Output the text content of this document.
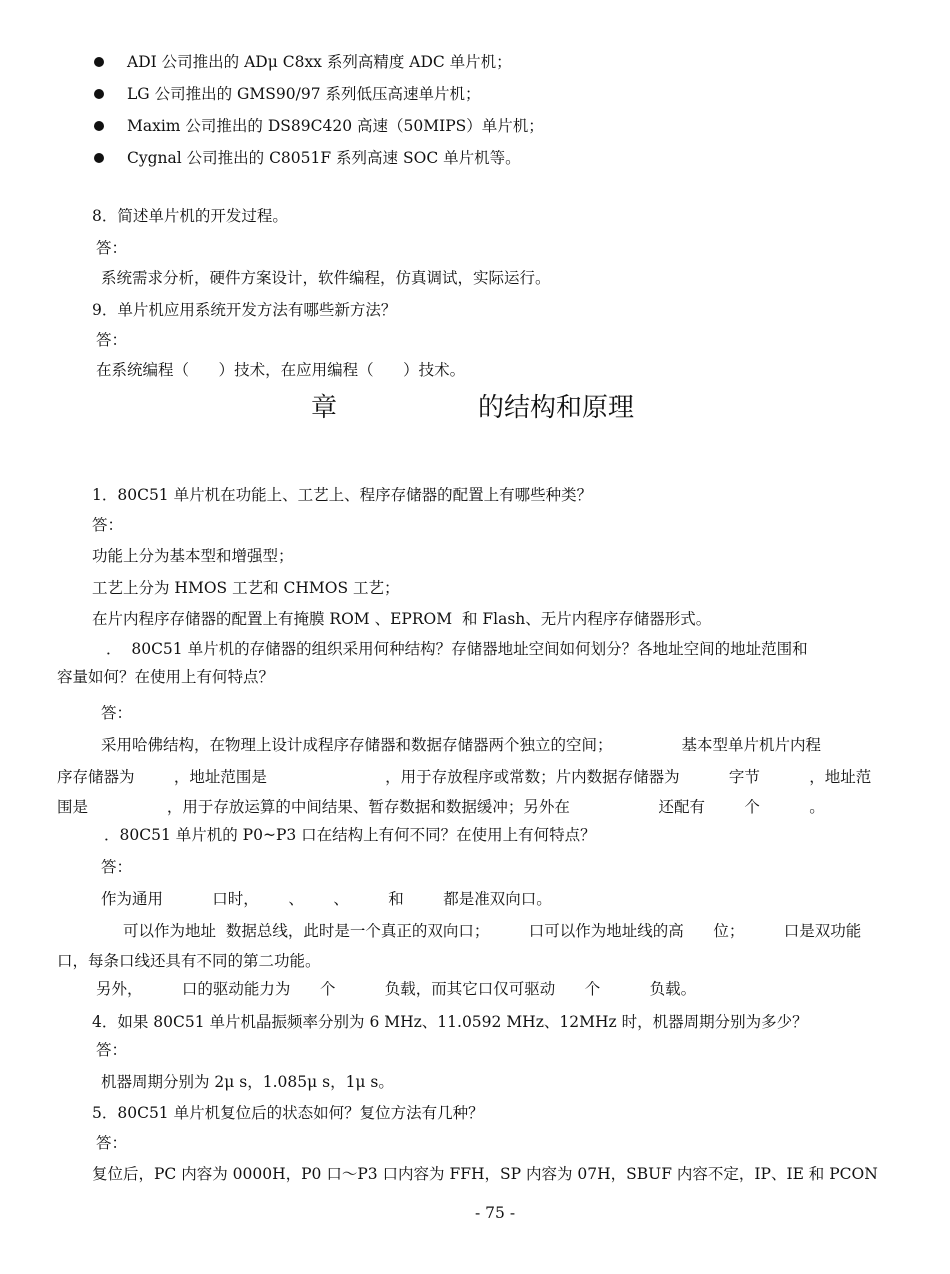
ADI 公司推出的 ADμ C8xx 系列高精度 ADC 单片机；
LG 公司推出的 GMS90/97 系列低压高速单片机；
Maxim 公司推出的 DS89C420 高速（50MIPS）单片机；
Cygnal 公司推出的 C8051F 系列高速 SOC 单片机等。
8．简述单片机的开发过程。
答：
系统需求分析，硬件方案设计，软件编程，仿真调试，实际运行。
9．单片机应用系统开发方法有哪些新方法？
答：
在系统编程（      ）技术，在应用编程（      ）技术。
章	的结构和原理
1．80C51 单片机在功能上、工艺上、程序存储器的配置上有哪些种类？
答：
功能上分为基本型和增强型；
工艺上分为 HMOS 工艺和 CHMOS 工艺；
在片内程序存储器的配置上有掩膜 ROM 、EPROM  和 Flash、无片内程序存储器形式。
．  80C51 单片机的存储器的组织采用何种结构？存储器地址空间如何划分？各地址空间的地址范围和
容量如何？在使用上有何特点？
答：
采用哈佛结构，在物理上设计成程序存储器和数据存储器两个独立的空间；              基本型单片机片内程
序存储器为        ，地址范围是                        ，用于存放程序或常数；片内数据存储器为          字节          ，地址范
围是                ，用于存放运算的中间结果、暂存数据和数据缓冲；另外在                  还配有        个          。
．80C51 单片机的 P0~P3 口在结构上有何不同？在使用上有何特点？
答：
作为通用          口时，      、      、        和        都是准双向口。
可以作为地址  数据总线，此时是一个真正的双向口；        口可以作为地址线的高      位；        口是双功能
口，每条口线还具有不同的第二功能。
另外，        口的驱动能力为      个          负载，而其它口仅可驱动      个          负载。
4．如果 80C51 单片机晶振频率分别为 6 MHz、11.0592 MHz、12MHz 时，机器周期分别为多少？
答：
机器周期分别为 2μ s，1.085μ s，1μ s。
5．80C51 单片机复位后的状态如何？复位方法有几种？
答：
复位后，PC 内容为 0000H，P0 口～P3 口内容为 FFH，SP 内容为 07H，SBUF 内容不定，IP、IE 和 PCON
- 75 -
